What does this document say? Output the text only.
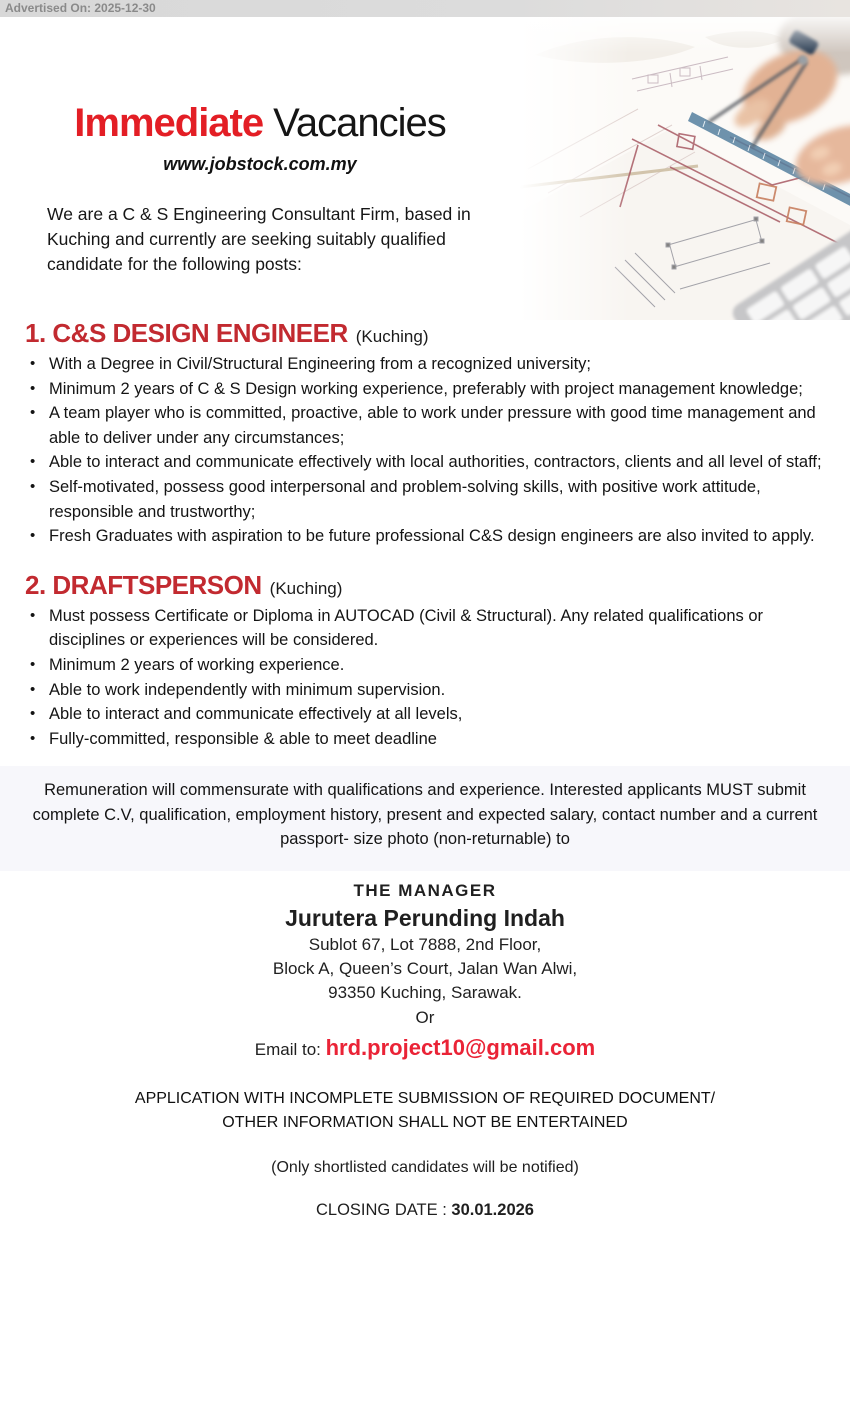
Advertised On: 2025-12-30
Immediate Vacancies
www.jobstock.com.my

We are a C & S Engineering Consultant Firm, based in Kuching and currently are seeking suitably qualified candidate for the following posts:

1. C&S DESIGN ENGINEER (Kuching)
• With a Degree in Civil/Structural Engineering from a recognized university;
• Minimum 2 years of C & S Design working experience, preferably with project management knowledge;
• A team player who is committed, proactive, able to work under pressure with good time management and able to deliver under any circumstances;
• Able to interact and communicate effectively with local authorities, contractors, clients and all level of staff;
• Self-motivated, possess good interpersonal and problem-solving skills, with positive work attitude, responsible and trustworthy;
• Fresh Graduates with aspiration to be future professional C&S design engineers are also invited to apply.
2. DRAFTSPERSON (Kuching)
• Must possess Certificate or Diploma in AUTOCAD (Civil & Structural). Any related qualifications or disciplines or experiences will be considered.
• Minimum 2 years of working experience.
• Able to work independently with minimum supervision.
• Able to interact and communicate effectively at all levels,
• Fully-committed, responsible & able to meet deadline

Remuneration will commensurate with qualifications and experience. Interested applicants MUST submit complete C.V, qualification, employment history, present and expected salary, contact number and a current passport- size photo (non-returnable) to

THE MANAGER
Jurutera Perunding Indah
Sublot 67, Lot 7888, 2nd Floor,
Block A, Queen’s Court, Jalan Wan Alwi,
93350 Kuching, Sarawak.
Or
Email to: hrd.project10@gmail.com
APPLICATION WITH INCOMPLETE SUBMISSION OF REQUIRED DOCUMENT/
OTHER INFORMATION SHALL NOT BE ENTERTAINED
(Only shortlisted candidates will be notified)
CLOSING DATE : 30.01.2026
